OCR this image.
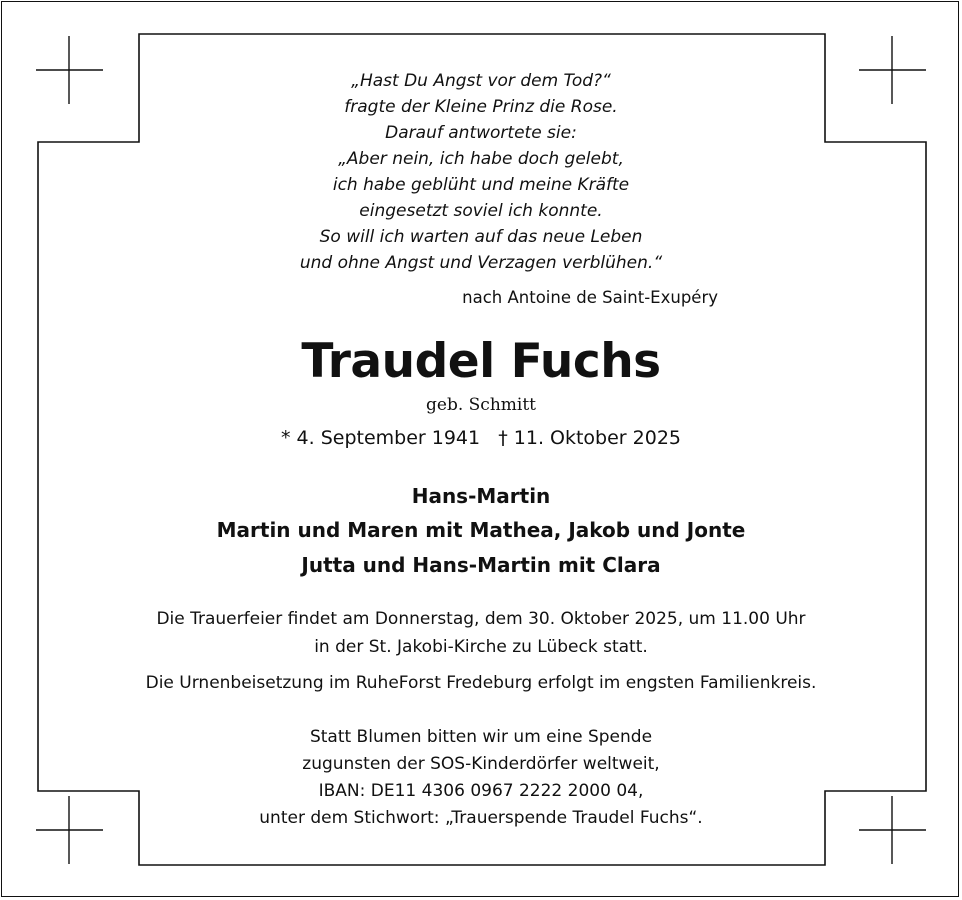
„Hast Du Angst vor dem Tod?“
fragte der Kleine Prinz die Rose.
Darauf antwortete sie:
„Aber nein, ich habe doch gelebt,
ich habe geblüht und meine Kräfte
eingesetzt soviel ich konnte.
So will ich warten auf das neue Leben
und ohne Angst und Verzagen verblühen.“
nach Antoine de Saint-Exupéry
Traudel Fuchs
geb. Schmitt
* 4. September 1941   † 11. Oktober 2025
Hans-Martin
Martin und Maren mit Mathea, Jakob und Jonte
Jutta und Hans-Martin mit Clara
Die Trauerfeier findet am Donnerstag, dem 30. Oktober 2025, um 11.00 Uhr
in der St. Jakobi-Kirche zu Lübeck statt.
Die Urnenbeisetzung im RuheForst Fredeburg erfolgt im engsten Familienkreis.
Statt Blumen bitten wir um eine Spende
zugunsten der SOS-Kinderdörfer weltweit,
IBAN: DE11 4306 0967 2222 2000 04,
unter dem Stichwort: „Trauerspende Traudel Fuchs“.
